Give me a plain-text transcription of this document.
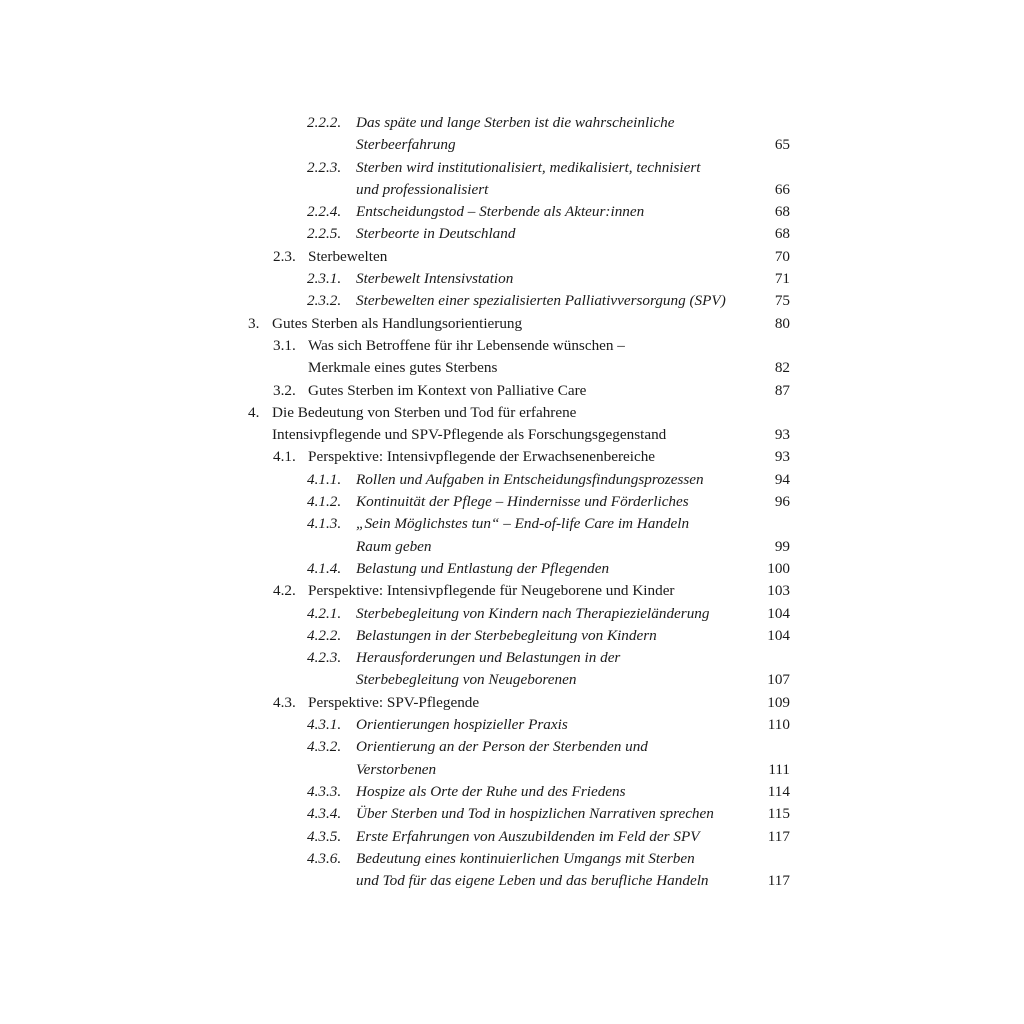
2.2.2. Das späte und lange Sterben ist die wahrscheinliche
Sterbeerfahrung	65
2.2.3. Sterben wird institutionalisiert, medikalisiert, technisiert
und professionalisiert	66
2.2.4. Entscheidungstod – Sterbende als Akteur:innen	68
2.2.5. Sterbeorte in Deutschland	68
2.3. Sterbewelten	70
2.3.1. Sterbewelt Intensivstation	71
2.3.2. Sterbewelten einer spezialisierten Palliativversorgung (SPV)	75
3. Gutes Sterben als Handlungsorientierung	80
3.1. Was sich Betroffene für ihr Lebensende wünschen –
Merkmale eines gutes Sterbens	82
3.2. Gutes Sterben im Kontext von Palliative Care	87
4. Die Bedeutung von Sterben und Tod für erfahrene
Intensivpflegende und SPV-Pflegende als Forschungsgegenstand	93
4.1. Perspektive: Intensivpflegende der Erwachsenenbereiche	93
4.1.1. Rollen und Aufgaben in Entscheidungsfindungsprozessen	94
4.1.2. Kontinuität der Pflege – Hindernisse und Förderliches	96
4.1.3. „Sein Möglichstes tun“ – End-of-life Care im Handeln
Raum geben	99
4.1.4. Belastung und Entlastung der Pflegenden	100
4.2. Perspektive: Intensivpflegende für Neugeborene und Kinder	103
4.2.1. Sterbebegleitung von Kindern nach Therapiezieländerung	104
4.2.2. Belastungen in der Sterbebegleitung von Kindern	104
4.2.3. Herausforderungen und Belastungen in der
Sterbebegleitung von Neugeborenen	107
4.3. Perspektive: SPV-Pflegende	109
4.3.1. Orientierungen hospizieller Praxis	110
4.3.2. Orientierung an der Person der Sterbenden und
Verstorbenen	111
4.3.3. Hospize als Orte der Ruhe und des Friedens	114
4.3.4. Über Sterben und Tod in hospizlichen Narrativen sprechen	115
4.3.5. Erste Erfahrungen von Auszubildenden im Feld der SPV	117
4.3.6. Bedeutung eines kontinuierlichen Umgangs mit Sterben
und Tod für das eigene Leben und das berufliche Handeln	117
